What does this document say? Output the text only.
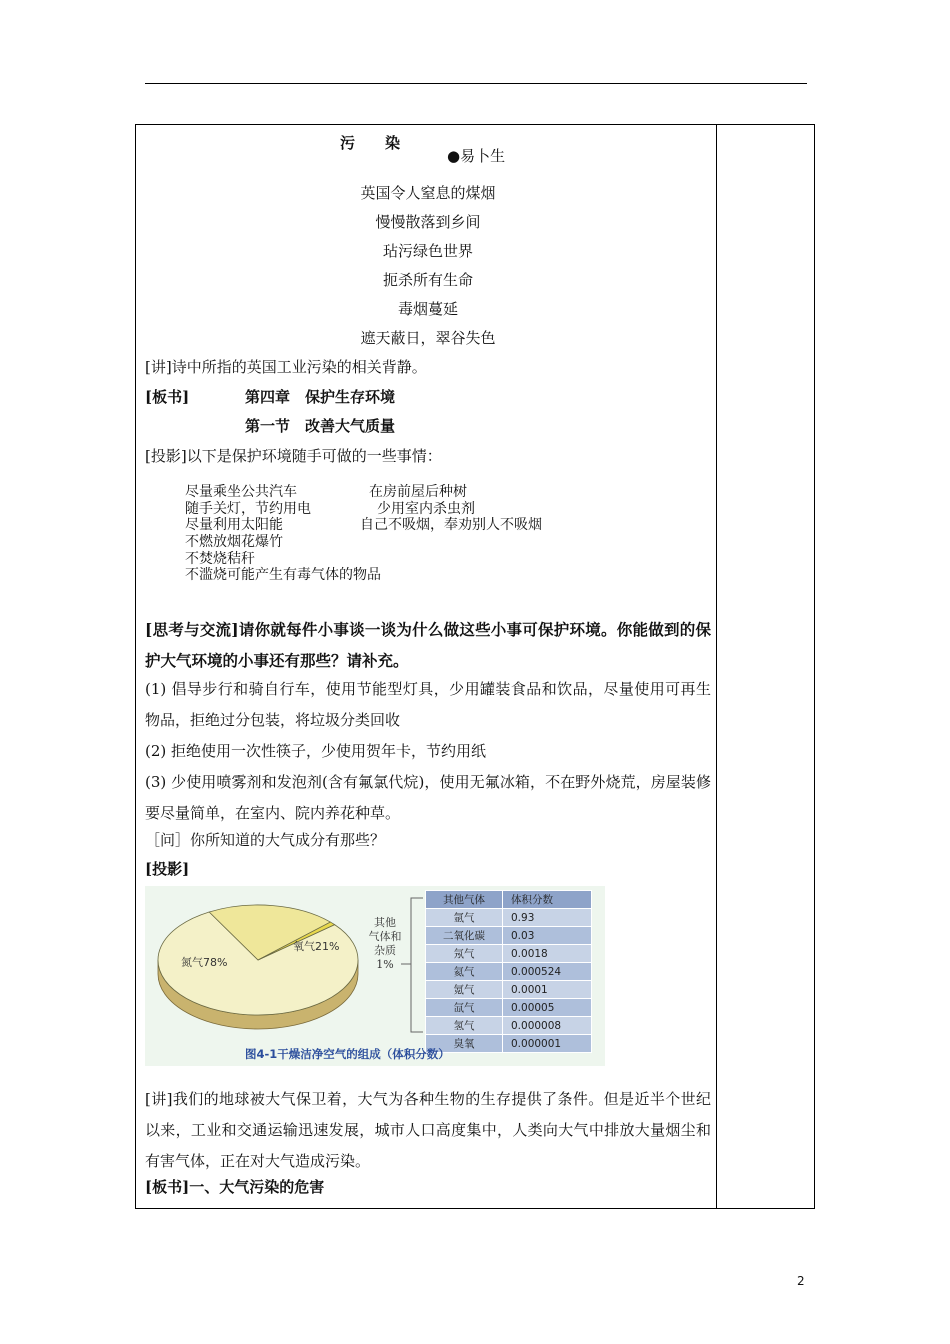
污　　染
●易卜生
英国令人窒息的煤烟
慢慢散落到乡间
玷污绿色世界
扼杀所有生命
毒烟蔓延
遮天蔽日，翠谷失色
[讲]诗中所指的英国工业污染的相关背静。
[板书]	第四章　保护生存环境
第一节　改善大气质量
[投影]以下是保护环境随手可做的一些事情：
尽量乘坐公共汽车	在房前屋后种树
随手关灯，节约用电	少用室内杀虫剂
尽量利用太阳能	自己不吸烟，奉劝别人不吸烟
不燃放烟花爆竹
不焚烧秸秆
不滥烧可能产生有毒气体的物品
[思考与交流]请你就每件小事谈一谈为什么做这些小事可保护环境。你能做到的保护大气环境的小事还有那些？请补充。
(1) 倡导步行和骑自行车，使用节能型灯具，少用罐装食品和饮品，尽量使用可再生物品，拒绝过分包装，将垃圾分类回收
(2) 拒绝使用一次性筷子，少使用贺年卡，节约用纸
(3) 少使用喷雾剂和发泡剂(含有氟氯代烷)，使用无氟冰箱，不在野外烧荒，房屋装修要尽量简单，在室内、院内养花种草。
［问］你所知道的大气成分有那些？
[投影]
氮气78%
氧气21%
其他
气体和
杂质
1%
其他气体	体积分数
氩气	0.93
二氧化碳	0.03
氖气	0.0018
氦气	0.000524
氪气	0.0001
氙气	0.00005
氢气	0.000008
臭氧	0.000001
图4-1干燥洁净空气的组成（体积分数）
[讲]我们的地球被大气保卫着，大气为各种生物的生存提供了条件。但是近半个世纪以来，工业和交通运输迅速发展，城市人口高度集中，人类向大气中排放大量烟尘和有害气体，正在对大气造成污染。
[板书]一、大气污染的危害
2
